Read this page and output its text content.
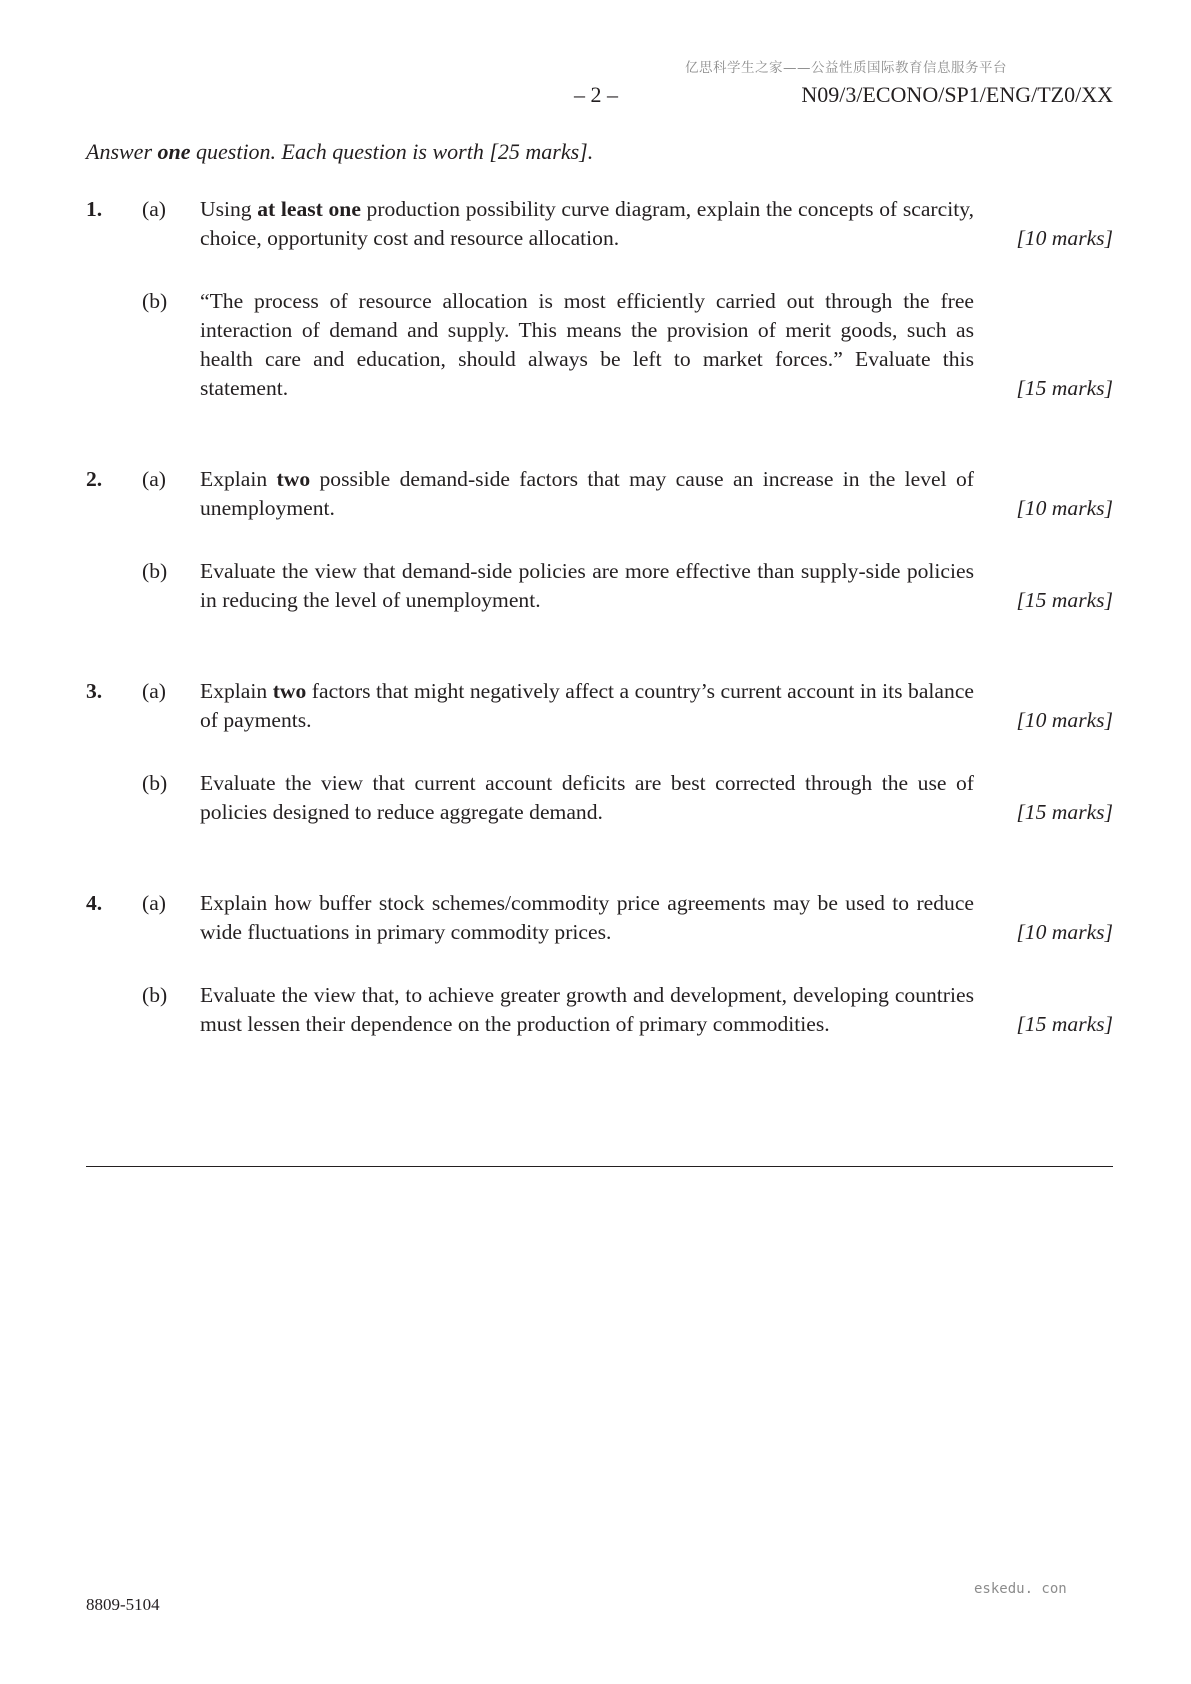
亿思科学生之家——公益性质国际教育信息服务平台
– 2 –	N09/3/ECONO/SP1/ENG/TZ0/XX
Answer one question. Each question is worth [25 marks].
1.	(a)	Using at least one production possibility curve diagram, explain the concepts of scarcity, choice, opportunity cost and resource allocation.	[10 marks]
(b)	“The process of resource allocation is most efficiently carried out through the free interaction of demand and supply. This means the provision of merit goods, such as health care and education, should always be left to market forces.” Evaluate this statement.	[15 marks]
2.	(a)	Explain two possible demand-side factors that may cause an increase in the level of unemployment.	[10 marks]
(b)	Evaluate the view that demand-side policies are more effective than supply-side policies in reducing the level of unemployment.	[15 marks]
3.	(a)	Explain two factors that might negatively affect a country’s current account in its balance of payments.	[10 marks]
(b)	Evaluate the view that current account deficits are best corrected through the use of policies designed to reduce aggregate demand.	[15 marks]
4.	(a)	Explain how buffer stock schemes/commodity price agreements may be used to reduce wide fluctuations in primary commodity prices.	[10 marks]
(b)	Evaluate the view that, to achieve greater growth and development, developing countries must lessen their dependence on the production of primary commodities.	[15 marks]
8809-5104
eskedu. con
